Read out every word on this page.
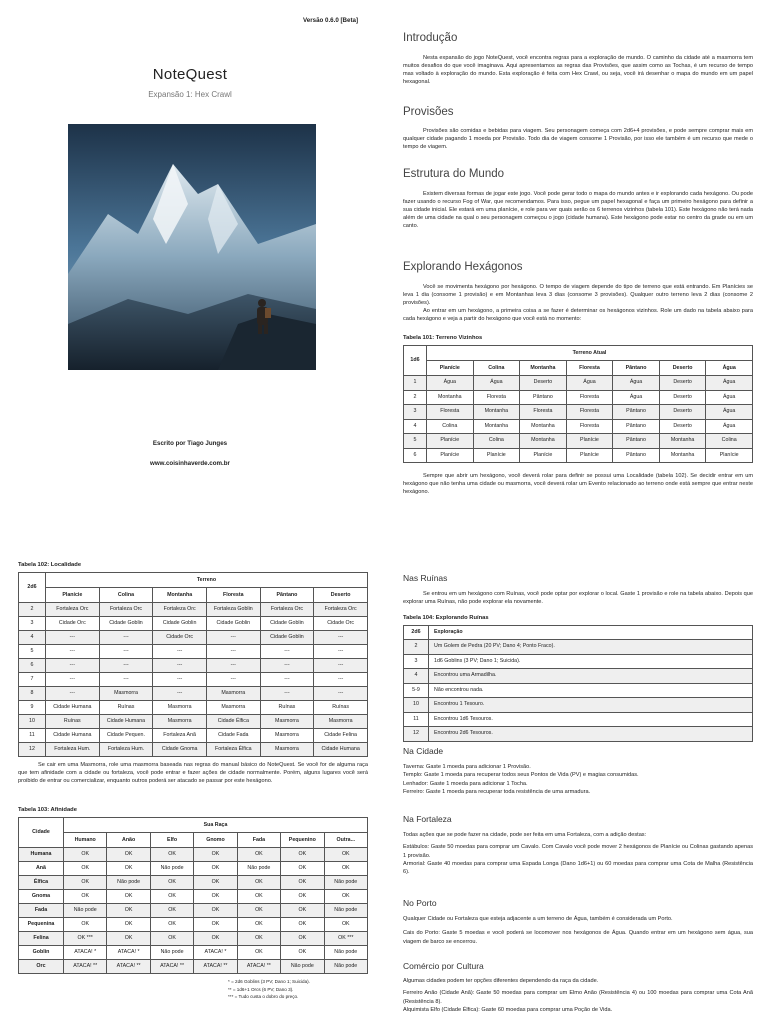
Versão 0.6.0 [Beta]
NoteQuest
Expansão 1: Hex Crawl
Escrito por Tiago Junges
www.coisinhaverde.com.br
Introdução

Nesta expansão do jogo NoteQuest, você encontra regras para a exploração de mundo. O caminho da cidade até a masmorra tem muitos desafios do que você imaginava. Aqui apresentamos as regras das Provisões, que assim como as Tochas, é um recurso de tempo mas voltado à exploração do mundo. Esta exploração é feita com Hex Crawl, ou seja, você irá desenhar o mapa do mundo em um papel hexagonal.

Provisões

Provisões são comidas e bebidas para viagem. Seu personagem começa com 2d6+4 provisões, e pode sempre comprar mais em qualquer cidade pagando 1 moeda por Provisão. Todo dia de viagem consome 1 Provisão, por isso ele também é um recurso que mede o tempo de viagem.

Estrutura do Mundo

Existem diversas formas de jogar este jogo. Você pode gerar todo o mapa do mundo antes e ir explorando cada hexágono. Ou pode fazer usando o recurso Fog of War, que recomendamos. Para isso, pegue um papel hexagonal e faça um primeiro hexágono para definir a sua cidade inicial. Ele estará em uma planície, e role para ver quais serão os 6 terrenos vizinhos (tabela 101). Este hexágono não terá nada além de uma cidade na qual o seu personagem começou o jogo (cidade humana). Este hexágono pode estar no centro da grade ou em um canto.

Explorando Hexágonos

Você se movimenta hexágono por hexágono. O tempo de viagem depende do tipo de terreno que está entrando. Em Planícies se leva 1 dia (consome 1 provisão) e em Montanhas leva 3 dias (consome 3 provisões). Qualquer outro terreno leva 2 dias (consome 2 provisões).

Ao entrar em um hexágono, a primeira coisa a se fazer é determinar os hexágonos vizinhos. Role um dado na tabela abaixo para cada hexágono e veja a partir do hexágono que você está no momento:

Tabela 101: Terreno Vizinhos
1d6	Terreno Atual						
	Planície	Colina	Montanha	Floresta	Pântano	Deserto	Água
1	Água	Água	Deserto	Água	Água	Deserto	Água
2	Montanha	Floresta	Pântano	Floresta	Água	Deserto	Água
3	Floresta	Montanha	Floresta	Floresta	Pântano	Deserto	Água
4	Colina	Montanha	Montanha	Floresta	Pântano	Deserto	Água
5	Planície	Colina	Montanha	Planície	Pântano	Montanha	Colina
6	Planície	Planície	Planície	Planície	Pântano	Montanha	Planície

Sempre que abrir um hexágono, você deverá rolar para definir se possui uma Localidade (tabela 102). Se decidir entrar em um hexágono que não tenha uma cidade ou masmorra, você deverá rolar um Evento relacionado ao terreno onde está sempre que entrar neste hexágono.

Tabela 102: Localidade
2d6	Terreno					
	Planície	Colina	Montanha	Floresta	Pântano	Deserto
2	Fortaleza Orc	Fortaleza Orc	Fortaleza Orc	Fortaleza Goblin	Fortaleza Orc	Fortaleza Orc
3	Cidade Orc	Cidade Goblin	Cidade Goblin	Cidade Goblin	Cidade Goblin	Cidade Orc
4	---	---	Cidade Orc	---	Cidade Goblin	---
5	---	---	---	---	---	---
6	---	---	---	---	---	---
7	---	---	---	---	---	---
8	---	Masmorra	---	Masmorra	---	---
9	Cidade Humana	Ruínas	Masmorra	Masmorra	Ruínas	Ruínas
10	Ruínas	Cidade Humana	Masmorra	Cidade Élfica	Masmorra	Masmorra
11	Cidade Humana	Cidade Pequen.	Fortaleza Anã	Cidade Fada	Masmorra	Cidade Felina
12	Fortaleza Hum.	Fortaleza Hum.	Cidade Gnoma	Fortaleza Élfica	Masmorra	Cidade Humana

Se cair em uma Masmorra, role uma masmorra baseada nas regras do manual básico do NoteQuest. Se você for de alguma raça que tem afinidade com a cidade ou fortaleza, você pode entrar e fazer ações de cidade normalmente. Porém, alguns lugares você será proibido de entrar ou comercializar, enquanto outros poderá ser atacado se passar por este hexágono.

Tabela 103: Afinidade
Cidade	Sua Raça						
	Humano	Anão	Elfo	Gnomo	Fada	Pequenino	Outra...
Humana	OK	OK	OK	OK	OK	OK	OK
Anã	OK	OK	Não pode	OK	Não pode	OK	OK
Élfica	OK	Não pode	OK	OK	OK	OK	Não pode
Gnoma	OK	OK	OK	OK	OK	OK	OK
Fada	Não pode	OK	OK	OK	OK	OK	Não pode
Pequenina	OK	OK	OK	OK	OK	OK	OK
Felina	OK ***	OK	OK	OK	OK	OK	OK ***
Goblin	ATACA! *	ATACA! *	Não pode	ATACA! *	OK	OK	Não pode
Orc	ATACA! **	ATACA! **	ATACA! **	ATACA! **	ATACA! **	Não pode	Não pode
* = 2d6 Goblins (3 PV; Dano 1; Suicida).
** = 1d6+1 Orcs (6 PV; Dano 3).
*** = Tudo custa o dobro do preço.
Nas Ruínas

Se entrou em um hexágono com Ruínas, você pode optar por explorar o local. Gaste 1 provisão e role na tabela abaixo. Depois que explorar uma Ruínas, não pode explorar ela novamente.

Tabela 104: Explorando Ruínas
2d6	Exploração
2	Um Golem de Pedra (20 PV; Dano 4; Ponto Fraco).
3	1d6 Goblins (3 PV; Dano 1; Suicida).
4	Encontrou uma Armadilha.
5-9	Não encontrou nada.
10	Encontrou 1 Tesouro.
11	Encontrou 1d6 Tesouros.
12	Encontrou 2d6 Tesouros.
Na Cidade

Taverna: Gaste 1 moeda para adicionar 1 Provisão.

Templo: Gaste 1 moeda para recuperar todos seus Pontos de Vida (PV) e magias consumidas.

Lenhador: Gaste 1 moeda para adicionar 1 Tocha.

Ferreiro: Gaste 1 moeda para recuperar toda resistência de uma armadura.

Na Fortaleza

Todas ações que se pode fazer na cidade, pode ser feita em uma Fortaleza, com a adição destas:

Estábulos: Gaste 50 moedas para comprar um Cavalo. Com Cavalo você pode mover 2 hexágonos de Planície ou Colinas gastando apenas 1 provisão.

Armorial: Gaste 40 moedas para comprar uma Espada Longa (Dano 1d6+1) ou 60 moedas para comprar uma Cota de Malha (Resistência 6).

No Porto

Qualquer Cidade ou Fortaleza que esteja adjacente a um terreno de Água, também é considerada um Porto.

Cais do Porto: Gaste 5 moedas e você poderá se locomover nos hexágonos de Água. Quando entrar em um hexágono sem água, sua viagem de barco se encerrou.

Comércio por Cultura

Algumas cidades podem ter opções diferentes dependendo da raça da cidade.

Ferreiro Anão (Cidade Anã): Gaste 50 moedas para comprar um Elmo Anão (Resistência 4) ou 100 moedas para comprar uma Cota Anã (Resistência 8).

Alquimista Elfo (Cidade Élfica): Gaste 60 moedas para comprar uma Poção de Vida.
